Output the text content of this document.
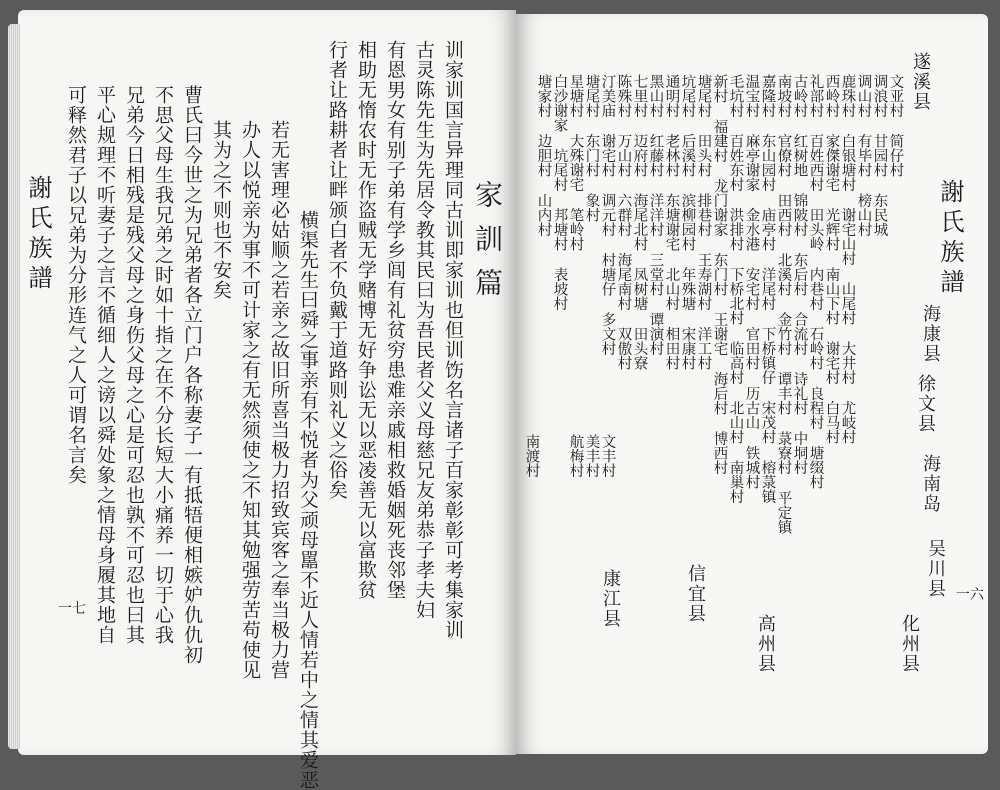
家訓篇
训家训国言异理同古训即家训也但训饬名言诸子百家彰彰可考集家训
古灵陈先生为先居令教其民曰为吾民者父义母慈兄友弟恭子孝夫妇
有恩男女有别子弟有学乡闾有礼贫穷患难亲戚相救婚姻死丧邻堡
相助无惰农时无作盗贼无学赌博无好争讼无以恶凌善无以富欺贫
行者让路耕者让畔颁白者不负戴于道路则礼义之俗矣
横渠先生曰舜之事亲有不悦者为父顽母嚚不近人情若中之情其爱恶
若无害理必姑顺之若亲之故旧所喜当极力招致宾客之奉当极力营
办人以悦亲为事不可计家之有无然须使之不知其勉强劳苦苟使见
其为之不则也不安矣
曹氏曰今世之为兄弟者各立门户各称妻子一有抵牾便相嫉妒仇仇初
不思父母生我兄弟之时如十指之在不分长短大小痛养一切于心我
兄弟今日相残是残父母之身伤父母之心是可忍也孰不可忍也曰其
平心规理不听妻子之言不循细人之谤以舜处象之情母身履其地自
可释然君子以兄弟为分形连气之人可谓名言矣
謝氏族譜
一七
謝氏族譜
遂溪县
海康县
徐文县
海南岛
吴川县
化州县
高州县
信宜县
康江县
文亚村 简仔村
调浪村 甘园村 东民城
调山村 有毕村 榜山村
鹿珠村 白银塘村 谢宅山村 山尾村 大井村 尤岐村
西岭村 家傑谢宅 光辉村 南山下村 谢宅村 白马村
礼部村 百姓西村 田头岭 内巷村 石岭村 良程村 塘缀村
古岭村 红树地 锦陂村 东后村 合流村 诗礼村 中垌村
南坡村 官僚村 田西村 北溪村 金竹村 谭丰村 菉寮村 平定镇
嘉隆村 东山园村 庙亭村 洋尾村 下桥镇仔 宋茂村 榕菉镇
温宝村 麻亭谢家 金水港 安宅村 官田村 历古山 铁城村
毛坑村 百姓东村 洪排村 下桥北村 临高村 北山村 南巢村
新村 福建村 龙门谢家 东门村 王谢宅 海后村 博西村
塘尾村 田头村 排巷村 王寿湖村 洋工村
坑尾村 后溪村 滨柳园村 年殊塘 宋康村
通明村 老林村 东塘谢宅 北山村 相田村
黑山村 红藤村 洋洋村 三堂村 谭演村
七里村 迈府村 海尾北村 凤树塘 田头寮
陈殊村 万山村 六群村 海尾南村 双傲村
汀美庙 谢宅村 调元村 村塘仔 多文村
塘尾村 东门村 象村
星塘村 大殊谢宅 笔岭村
白沙谢家 坑尾村 邦塘村 表坡村
塘家村 边胆村 山内村
文丰村
美丰村
航梅村
南渡村
一六
